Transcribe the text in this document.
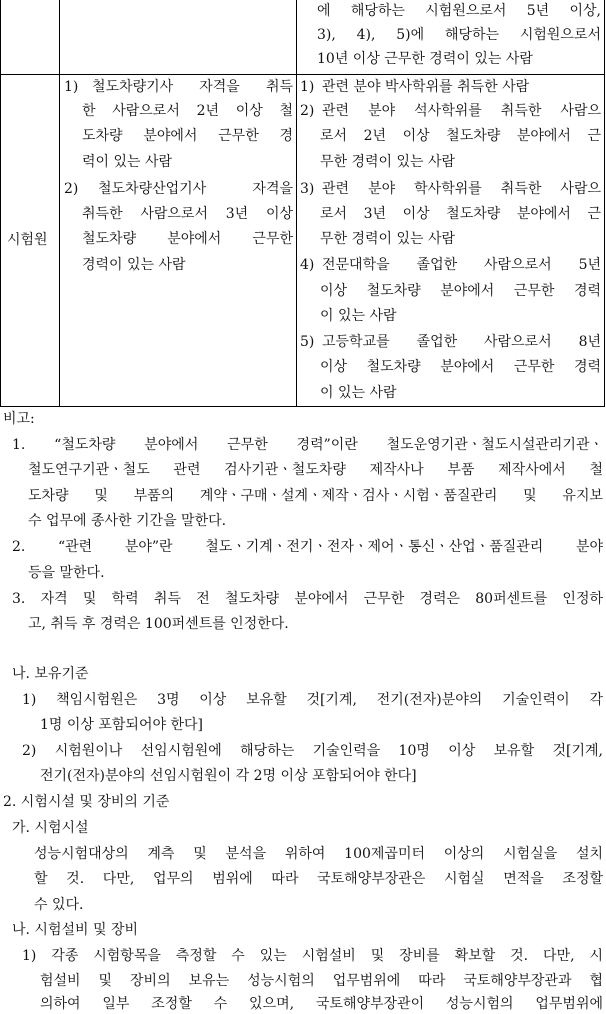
에 해당하는 시험원으로서 5년 이상,
3), 4), 5)에 해당하는 시험원으로서
10년 이상 근무한 경력이 있는 사람
시험원
1) 철도차량기사 자격을 취득
한 사람으로서 2년 이상 철
도차량 분야에서 근무한 경
력이 있는 사람
2) 철도차량산업기사 자격을
취득한 사람으로서 3년 이상
철도차량 분야에서 근무한
경력이 있는 사람
1) 관련 분야 박사학위를 취득한 사람
2) 관련 분야 석사학위를 취득한 사람으
로서 2년 이상 철도차량 분야에서 근
무한 경력이 있는 사람
3) 관련 분야 학사학위를 취득한 사람으
로서 3년 이상 철도차량 분야에서 근
무한 경력이 있는 사람
4) 전문대학을 졸업한 사람으로서 5년
이상 철도차량 분야에서 근무한 경력
이 있는 사람
5) 고등학교를 졸업한 사람으로서 8년
이상 철도차량 분야에서 근무한 경력
이 있는 사람
비고:
1. “철도차량 분야에서 근무한 경력”이란 철도운영기관ㆍ철도시설관리기관ㆍ
철도연구기관ㆍ철도 관련 검사기관ㆍ철도차량 제작사나 부품 제작사에서 철
도차량 및 부품의 계약ㆍ구매ㆍ설계ㆍ제작ㆍ검사ㆍ시험ㆍ품질관리 및 유지보
수 업무에 종사한 기간을 말한다.
2. “관련 분야”란 철도ㆍ기계ㆍ전기ㆍ전자ㆍ제어ㆍ통신ㆍ산업ㆍ품질관리 분야
등을 말한다.
3. 자격 및 학력 취득 전 철도차량 분야에서 근무한 경력은 80퍼센트를 인정하
고, 취득 후 경력은 100퍼센트를 인정한다.
나. 보유기준
1) 책임시험원은 3명 이상 보유할 것[기계, 전기(전자)분야의 기술인력이 각
1명 이상 포함되어야 한다]
2) 시험원이나 선임시험원에 해당하는 기술인력을 10명 이상 보유할 것[기계,
전기(전자)분야의 선임시험원이 각 2명 이상 포함되어야 한다]
2. 시험시설 및 장비의 기준
가. 시험시설
성능시험대상의 계측 및 분석을 위하여 100제곱미터 이상의 시험실을 설치
할 것. 다만, 업무의 범위에 따라 국토해양부장관은 시험실 면적을 조정할
수 있다.
나. 시험설비 및 장비
1) 각종 시험항목을 측정할 수 있는 시험설비 및 장비를 확보할 것. 다만, 시
험설비 및 장비의 보유는 성능시험의 업무범위에 따라 국토해양부장관과 협
의하여 일부 조정할 수 있으며, 국토해양부장관이 성능시험의 업무범위에
